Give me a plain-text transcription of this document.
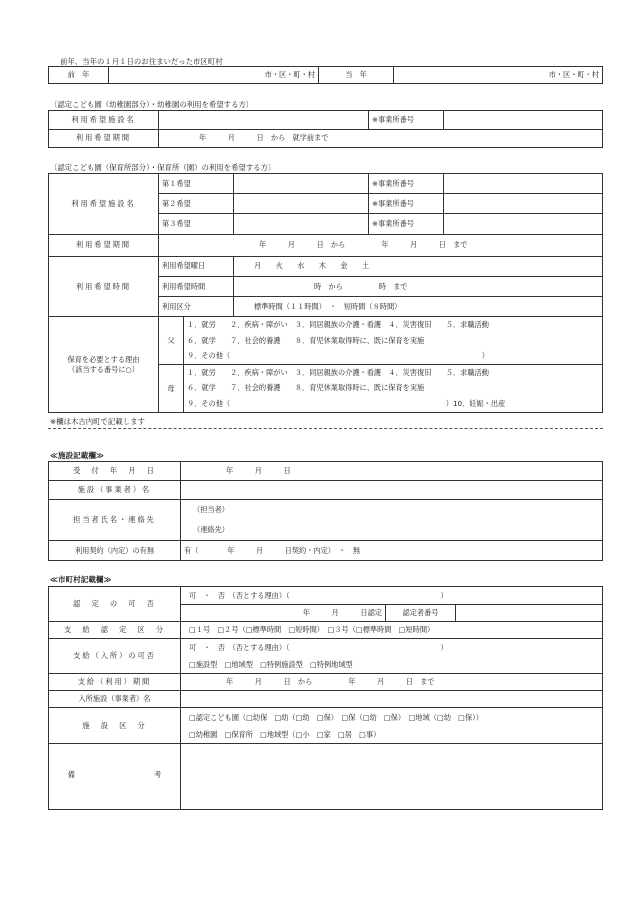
前年、当年の１月１日のお住まいだった市区町村
前　年	市・区・町・村	当　年	市・区・町・村
〔認定こども園（幼稚園部分）・幼稚園の利用を希望する方〕
利用希望施設名		※事業所番号	
利用希望期間	年　　　月　　　日　から　就学前まで		
〔認定こども園（保育所部分）・保育所（園）の利用を希望する方〕
利用希望施設名	第１希望			※事業所番号	
	第２希望			※事業所番号	
	第３希望			※事業所番号	
利用希望期間	年　　　月　　　日　から　　　　　年　　　月　　　日　まで				
利用希望時間	利用希望曜日		月　　火　　水　　木　　金　　土		
	利用希望時間		時　から　　　　　時　まで		
	利用区分		標準時間（１１時間）　・　短時間（８時間）		

保育を必要とする理由
（該当する番号に○）	父	１．就労　　２．疾病・障がい　３．同居親族の介護・看護　４．災害復旧　　５．求職活動			
		６．就学　　７．社会的養護　　８．育児休業取得時に、既に保育を実施			
		９．その他（　　　　　　　　　　　　　　　　　　　　　　　　　　　　　　　　　　　）			
	母	１．就労　　２．疾病・障がい　３．同居親族の介護・看護　４．災害復旧　　５．求職活動			
		６．就学　　７．社会的養護　　８．育児休業取得時に、既に保育を実施			
		９．その他（　　　　　　　　　　　　　　　　　　　　　　　　　　　　　　）10．妊娠・出産			
※欄は木古内町で記載します
≪施設記載欄≫
受　付　年　月　日	年　　　月　　　日
施設（事業者）名	
担当者氏名・連絡先	（担当者）
（連絡先）

利用契約（内定）の有無	有（　　　　年　　　月　　　日契約・内定）　・　無
≪市町村記載欄≫
認　定　の　可　否	可　・　否　（否とする理由）（　　　　　　　　　　　　　　　　　　　　　）		
	年　　　月　　　日認定	認定者番号	
支　給　認　定　区　分	□１号　□２号（□標準時間　□短時間）　□３号（□標準時間　□短時間）		
支給（入所）の可否	可　・　否　（否とする理由）（　　　　　　　　　　　　　　　　　　　　　）		
	□施設型　□地域型　□特例施設型　□特例地域型		
支給（利用）期間	年　　　月　　　日　から　　　　　年　　　月　　　日　まで		
入所施設（事業者）名			
施　設　区　分	□認定こども園（□幼保　□幼（□幼　□保）　□保（□幼　□保）　□地域（□幼　□保））
□幼稚園　□保育所　□地域型（□小　□家　□居　□事）		

備　　　　　　　　　　　考			
